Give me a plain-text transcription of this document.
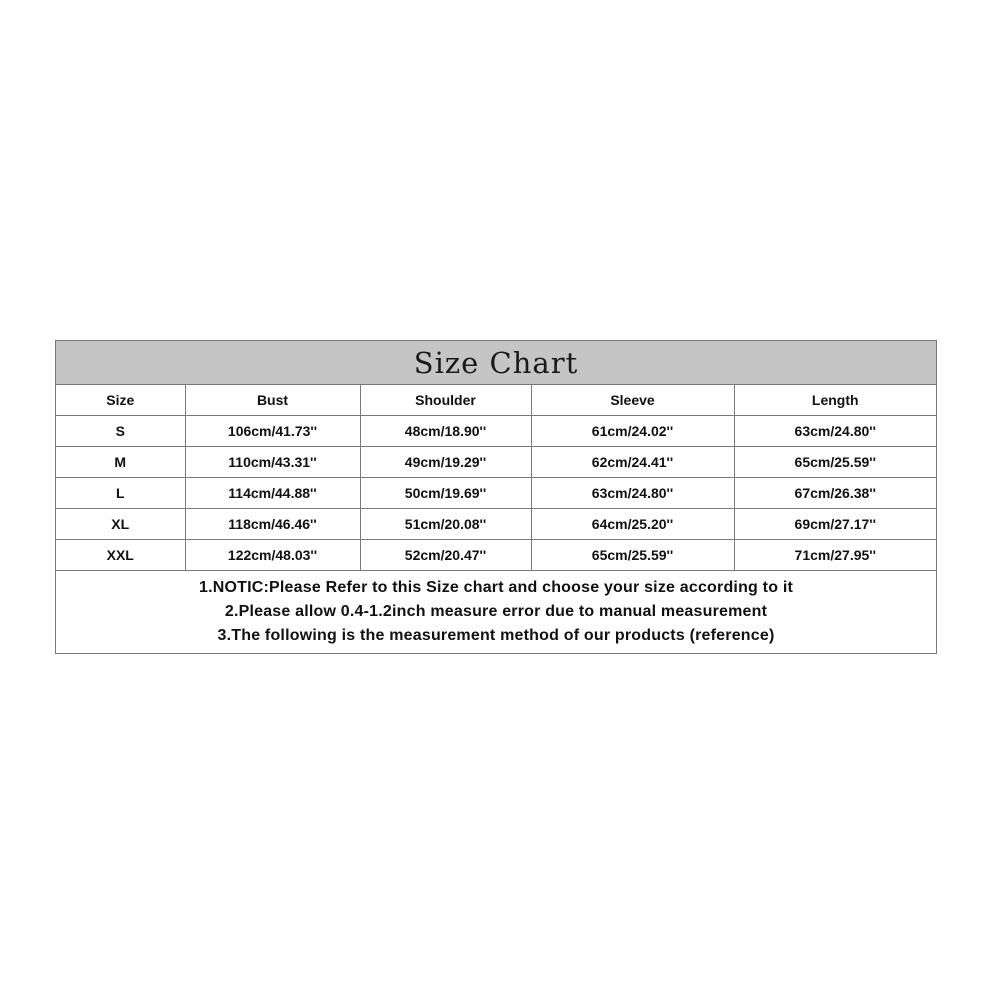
Size Chart
Size	Bust	Shoulder	Sleeve	Length
S	106cm/41.73''	48cm/18.90''	61cm/24.02''	63cm/24.80''
M	110cm/43.31''	49cm/19.29''	62cm/24.41''	65cm/25.59''
L	114cm/44.88''	50cm/19.69''	63cm/24.80''	67cm/26.38''
XL	118cm/46.46''	51cm/20.08''	64cm/25.20''	69cm/27.17''
XXL	122cm/48.03''	52cm/20.47''	65cm/25.59''	71cm/27.95''
1.NOTIC:Please Refer to this Size chart and choose your size according to it
2.Please allow 0.4-1.2inch measure error due to manual measurement
3.The following is the measurement method of our products (reference)
